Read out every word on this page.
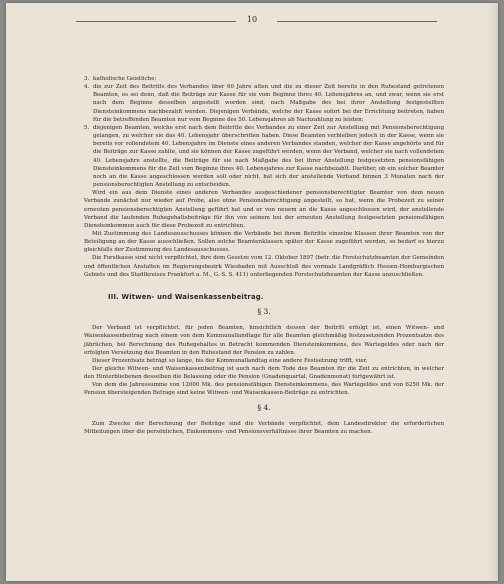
10
3. katholische Geistliche;

4. die zur Zeit des Beitritts des Verbandes über 60 Jahre alten und die zu dieser Zeit bereits in den Ruhestand getretenen Beamten, es sei denn, daß die Beiträge zur Kasse für sie vom Beginne ihres 40. Lebensjahres an, und zwar, wenn sie erst nach dem Beginne desselben angestellt worden sind, nach Maßgabe des bei ihrer Anstellung festgestellten Diensteinkommens nachbezahlt werden. Diejenigen Verbände, welche der Kasse sofort bei der Errichtung beitreten, haben für die betreffenden Beamten nur vom Beginne des 50. Lebensjahres ab Nachzahlung zu leisten;

5. diejenigen Beamten, welche erst nach dem Beitritte des Verbandes zu einer Zeit zur Anstellung mit Pensionsberechtigung gelangen, zu welcher sie das 40. Lebensjahr überschritten haben. Diese Beamten verbleiben jedoch in der Kasse, wenn sie bereits vor vollendetem 40. Lebensjahre im Dienste eines anderen Verbandes standen, welcher der Kasse angehörte und für die Beiträge zur Kasse zahlte, und sie können der Kasse zugeführt werden, wenn der Verband, welcher sie nach vollendetem 40. Lebensjahre anstellte, die Beiträge für sie nach Maßgabe des bei ihrer Anstellung festgesetzten pensionsfähigen Diensteinkommens für die Zeit vom Beginne ihres 40. Lebensjahres zur Kasse nachbezahlt. Darüber, ob ein solcher Beamter noch an die Kasse angeschlossen werden soll oder nicht, hat sich der anstellende Verband binnen 3 Monaten nach der pensionsberechtigten Anstellung zu entscheiden.

Wird ein aus dem Dienste eines anderen Verbandes ausgeschiedener pensionsberechtigter Beamter von dem neuen Verbande zunächst nur wieder auf Probe, also ohne Pensionsberechtigung angestellt, so hat, wenn die Probezeit zu seiner erneuten pensionsberechtigten Anstellung geführt hat und er von neuem an die Kasse angeschlossen wird, der anstellende Verband die laufenden Ruhegehaltsbeiträge für ihn von seinem bei der erneuten Anstellung festgesetzten pensionsfähigen Diensteinkommen auch für diese Probezeit zu entrichten.

Mit Zustimmung des Landesausschusses können die Verbände bei ihrem Beitritte einzelne Klassen ihrer Beamten von der Beteiligung an der Kasse ausschließen. Sollen solche Beamtenklassen später der Kasse zugeführt werden, so bedarf es hierzu gleichfalls der Zustimmung des Landesausschusses.

Die Forstkasse sind nicht verpflichtet, ihre dem Gesetze vom 12. Oktober 1897 (betr. die Forstschutzbeamten der Gemeinden und öffentlichen Anstalten im Regierungsbezirk Wiesbaden mit Ausschluß des vormals Landgräflich Hessen-Homburgischen Gebiets und des Stadtkreises Frankfurt a. M., G.-S. S. 411) unterliegenden Forstschutzbeamten der Kasse anzuschließen.

III. Witwen- und Waisenkassenbeitrag.
§ 3.

Der Verband ist verpflichtet, für jeden Beamten, hinsichtlich dessen der Beitritt erfolgt ist, einen Witwen- und Waisenkassenbeitrag nach einem von dem Kommunallandtage für alle Beamten gleichmäßig festzusetzenden Prozentsatze des jährlichen, bei Berechnung des Ruhegehaltes in Betracht kommenden Diensteinkommens, des Wartegeldes oder nach der erfolgten Versetzung des Beamten in den Ruhestand der Pension zu zahlen.

Dieser Prozentsatz beträgt so lange, bis der Kommunallandtag eine andere Festsetzung trifft, vier.

Der gleiche Witwen- und Waisenkassenbeitrag ist auch nach dem Tode des Beamten für die Zeit zu entrichten, in welcher den Hinterbliebenen desselben die Belassung oder die Pension (Gnadenquartal, Gnadenmonat) fortgewährt ist.

Von dem die Jahressumme von 12000 Mk. des pensionsfähigen Diensteinkommens, des Wartegeldes und von 6250 Mk. der Pension übersteigenden Betrage sind keine Witwen- und Waisenkassen-Beiträge zu entrichten.

§ 4.

Zum Zwecke der Berechnung der Beiträge sind die Verbände verpflichtet, dem Landesdirektor die erforderlichen Mitteilungen über die persönlichen, Einkommens- und Pensionsverhältnisse ihrer Beamten zu machen.
